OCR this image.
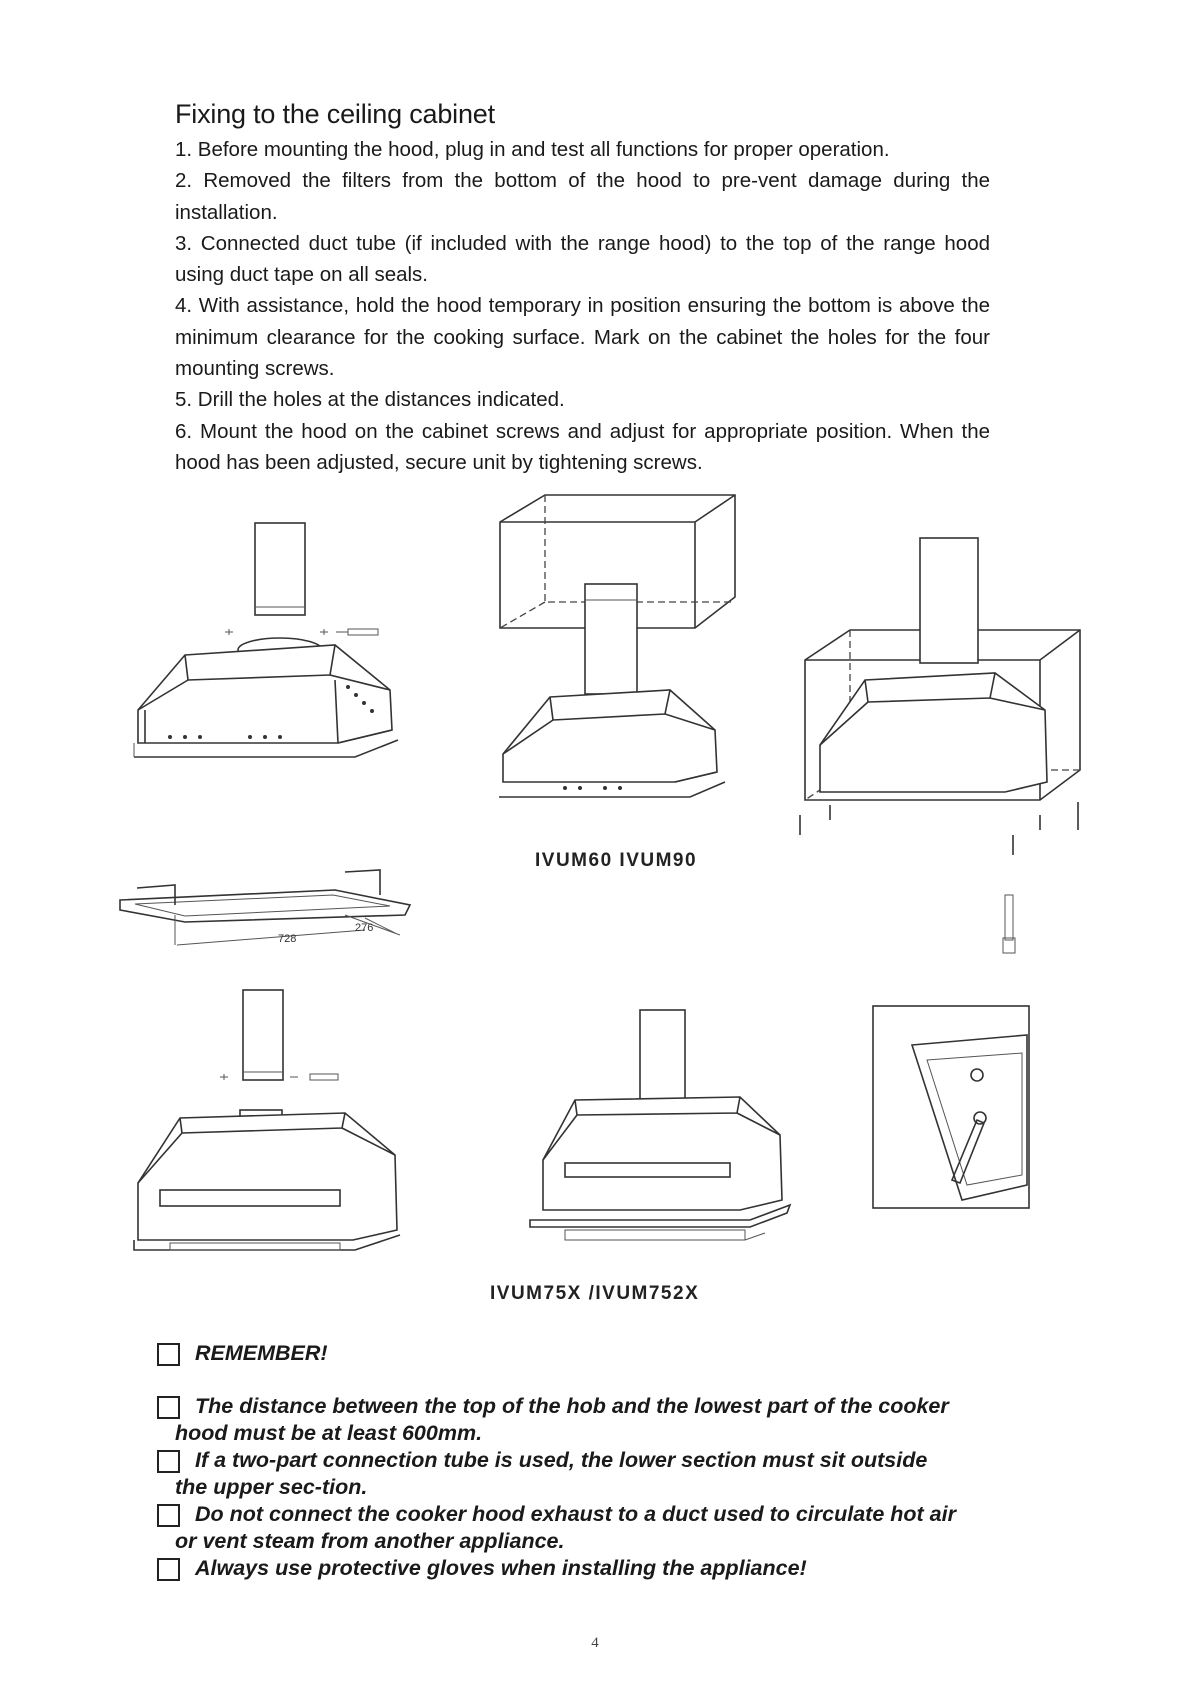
Fixing to the ceiling cabinet

1. Before mounting the hood, plug in and test all functions for proper operation.

2. Removed the filters from the bottom of the hood to pre-vent damage during the installation.

3. Connected duct tube (if included with the range hood) to the top of the range hood using duct tape on all seals.

4. With assistance, hold the hood temporary in position ensuring the bottom is above the minimum clearance for the cooking surface. Mark on the cabinet the holes for the four mounting screws.

5. Drill the holes at the distances indicated.

6. Mount the hood on the cabinet screws and adjust for appropriate position. When the hood has been adjusted, secure unit by tightening screws.

IVUM60 IVUM90
728
276
IVUM75X /IVUM752X
REMEMBER!
The distance between the top of the hob and the lowest part of the cooker
hood must be at least 600mm.
If a two-part connection tube is used, the lower section must sit outside
the upper sec-tion.
Do not connect the cooker hood exhaust to a duct used to circulate hot air
or vent steam from another appliance.
Always use protective gloves when installing the appliance!
4
